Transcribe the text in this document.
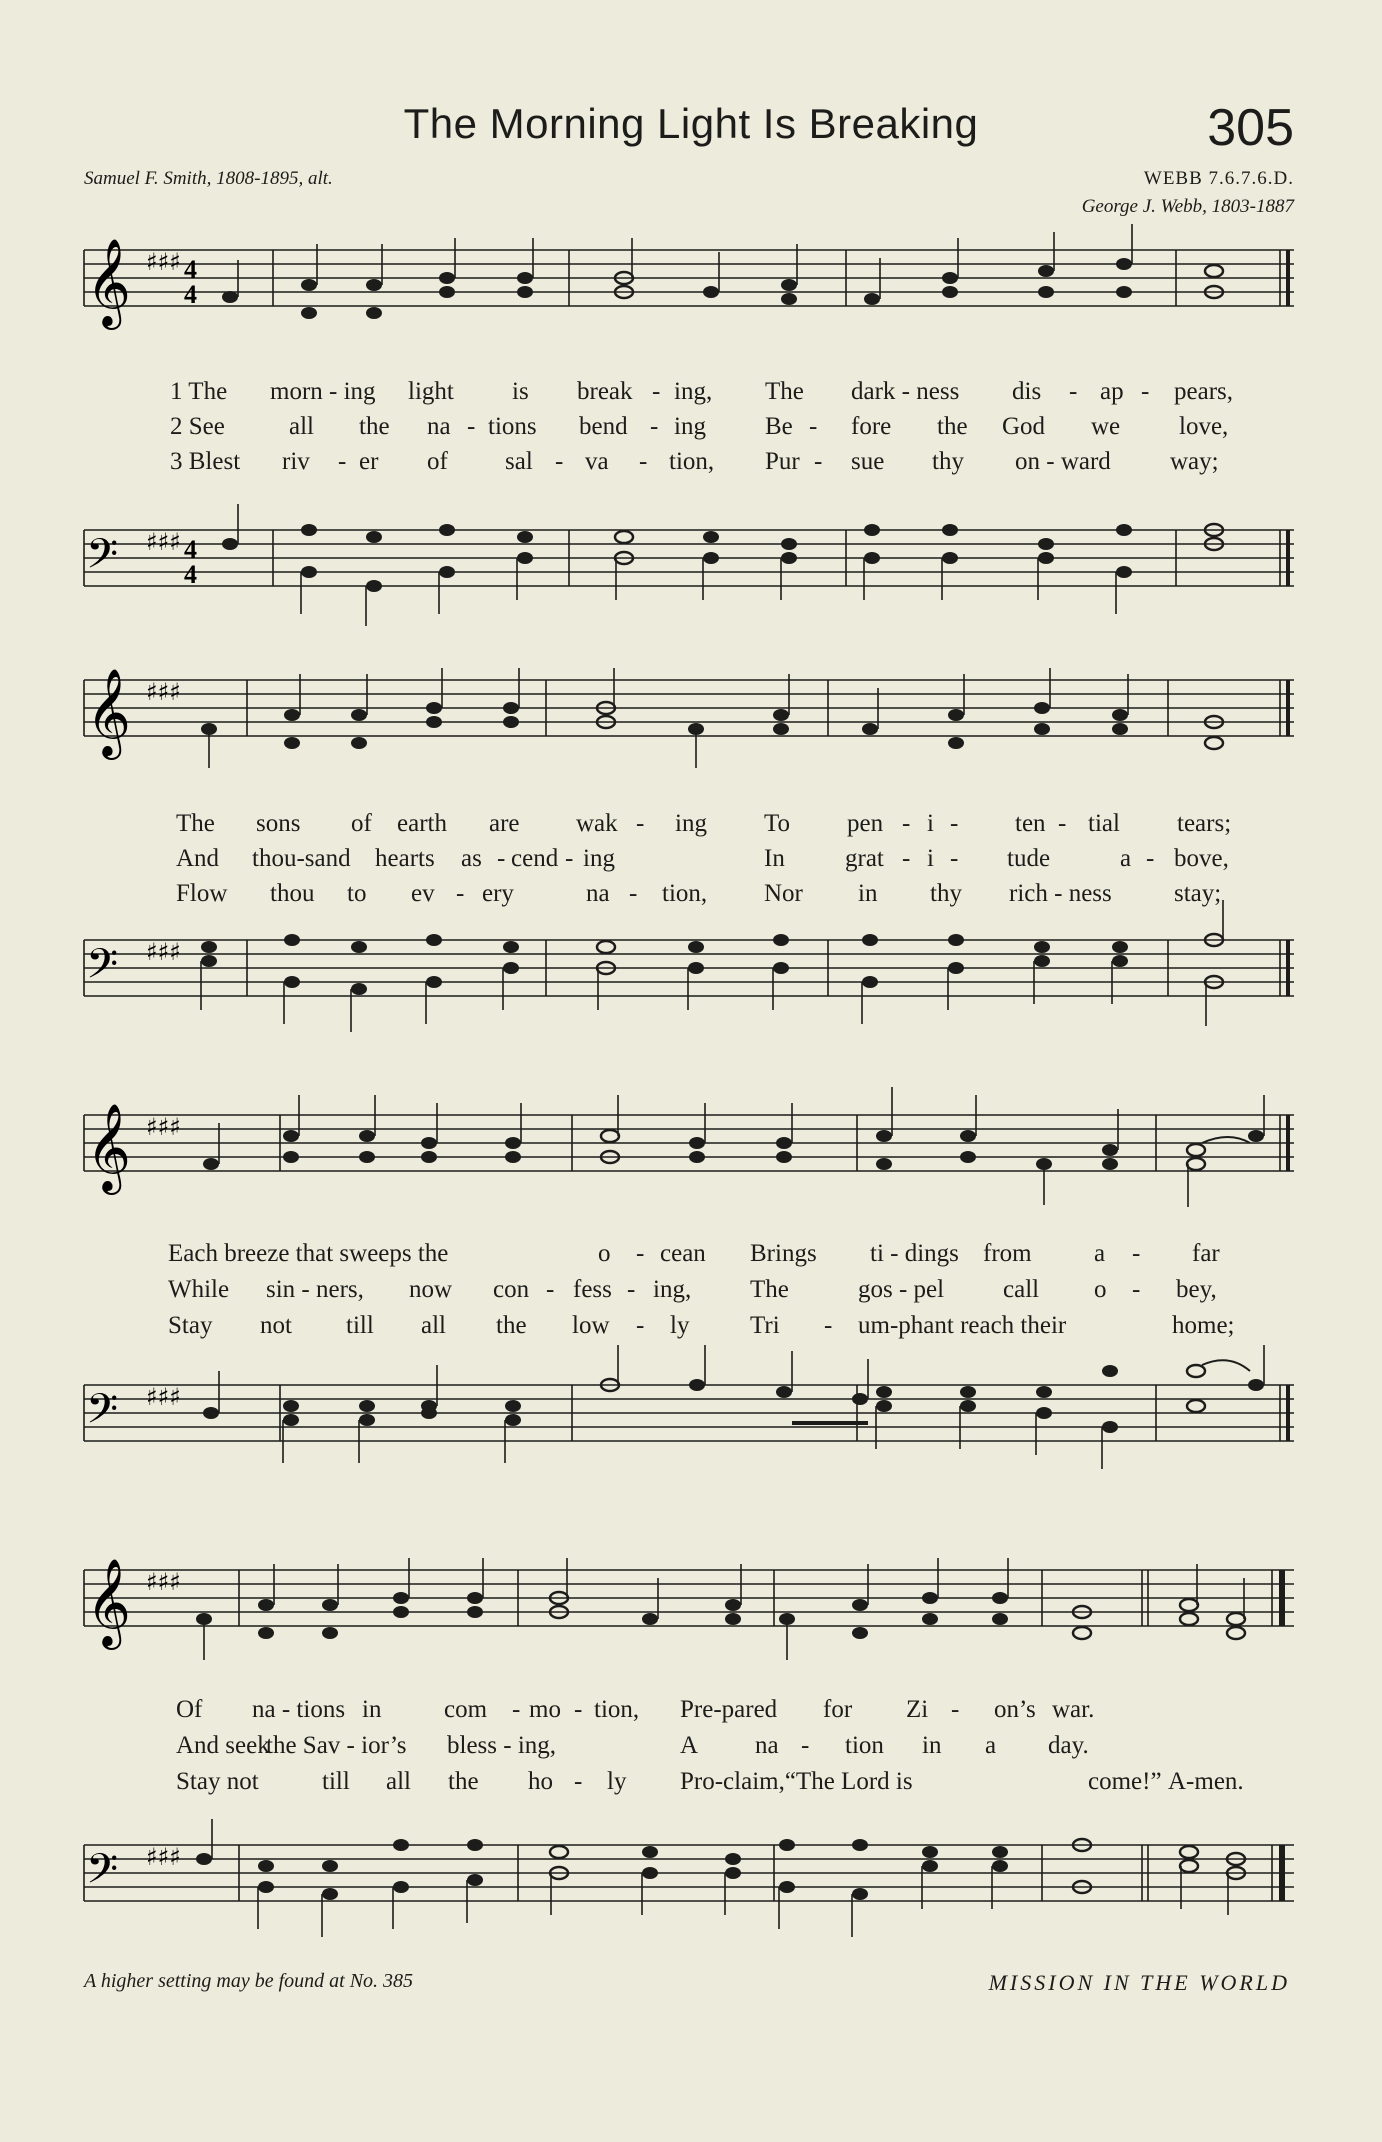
The Morning Light Is Breaking	305
Samuel F. Smith, 1808-1895, alt.	WEBB 7.6.7.6.D.
George J. Webb, 1803-1887
𝄞 ♯♯♯ 4
4
𝄢 ♯♯♯ 4
4
1 The morn - ing light is break - ing, The dark - ness dis - ap - pears,
2 See	all the na - tions bend - ing Be - fore the God we love,
3 Blest riv - er of sal - va - tion, Pur - sue thy on - ward way;
𝄞 ♯♯♯
𝄢 ♯♯♯
The sons of earth are wak - ing To pen - i - ten - tial tears;
And thou-sand hearts as - cend - ing	In grat - i - tude	a - bove,
Flow thou to ev - ery	na - tion, Nor in thy rich - ness stay;
𝄞 ♯♯♯
𝄢 ♯♯♯
Each breeze that sweeps the	o - cean Brings ti - dings from a - far
While sin - ners, now con - fess - ing, The	gos - pel call o - bey,
Stay not till all the low - ly Tri - um-phant reach their	home;
𝄞 ♯♯♯
𝄢 ♯♯♯
Of na - tions in	com - mo - tion, Pre-pared for Zi - on’s war.
And seek
the Sav - ior’s bless - ing,	A na - tion in a day.
Stay not	till all the ho - ly Pro-claim,“The Lord is	come!” A-men.
A higher setting may be found at No. 385	MISSION IN THE WORLD
